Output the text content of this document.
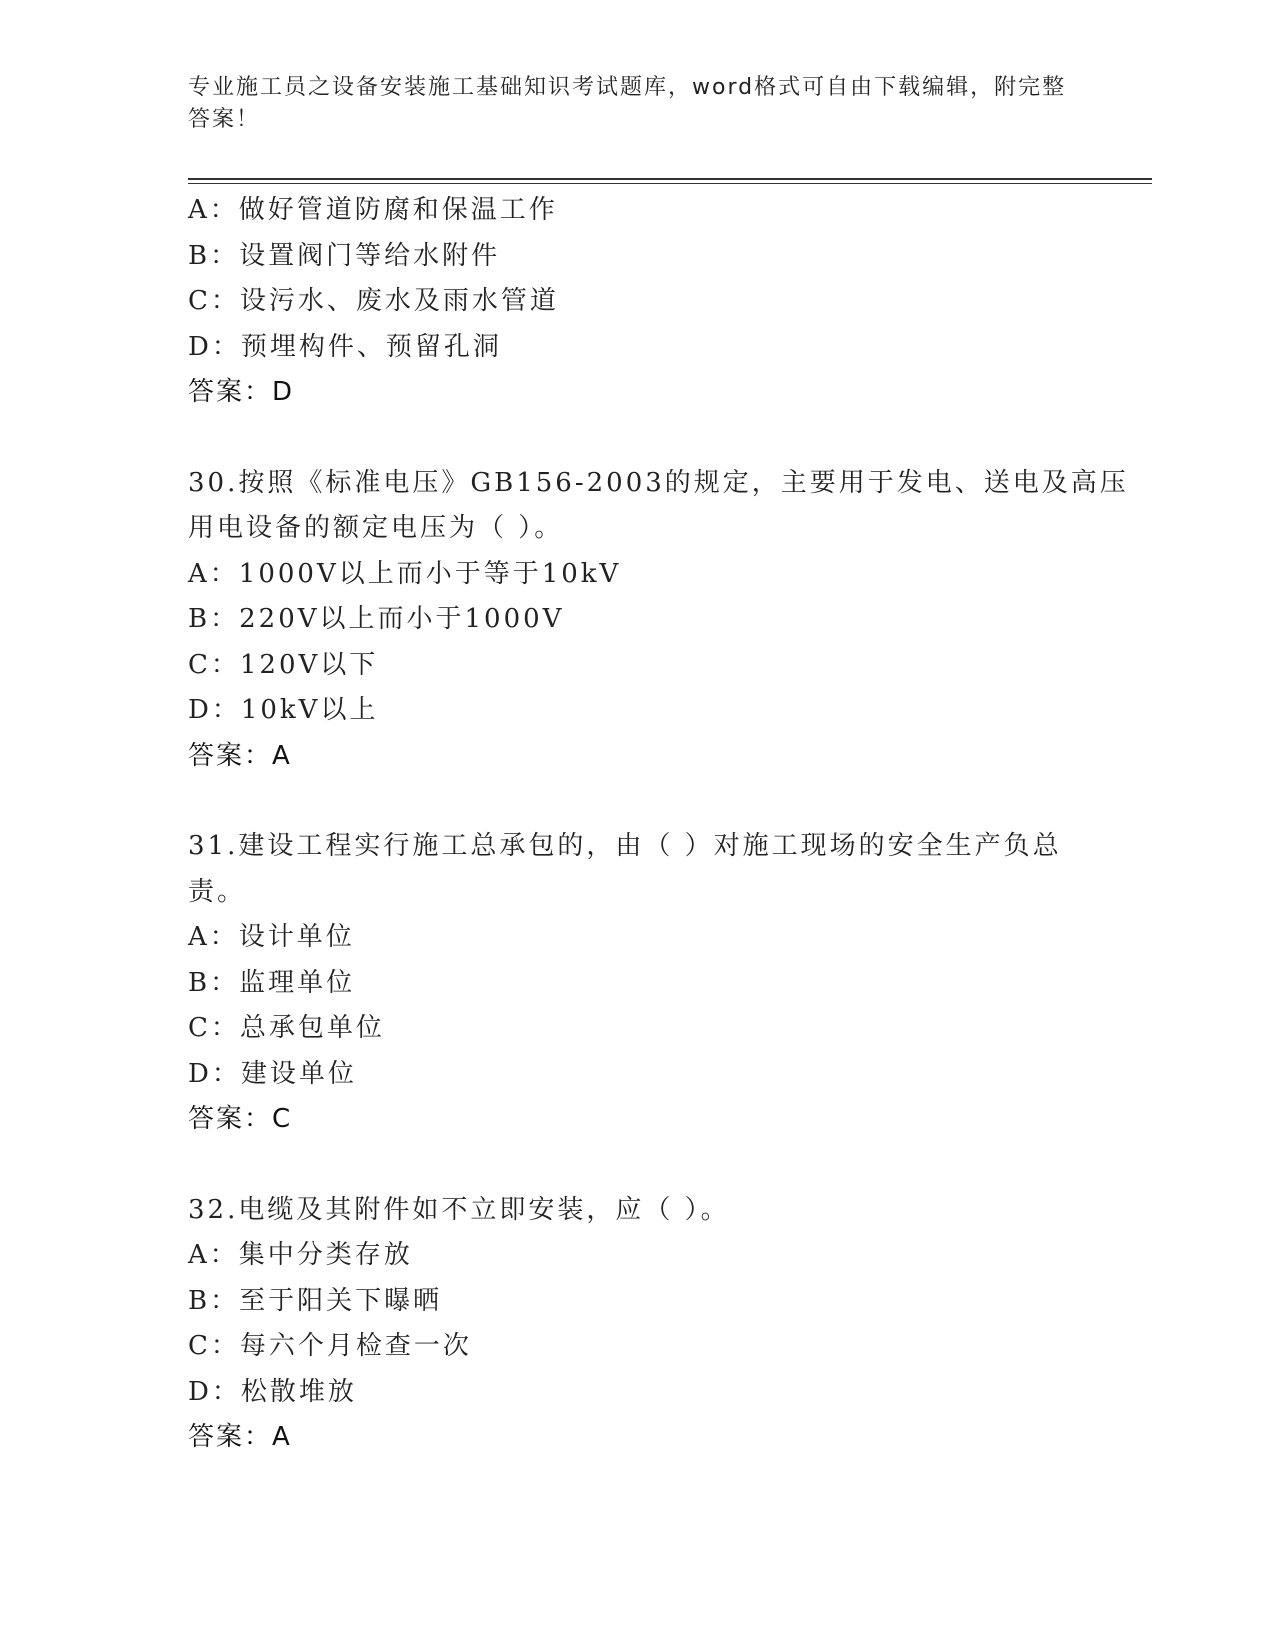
专业施工员之设备安装施工基础知识考试题库，word格式可自由下载编辑，附完整答案！
A：做好管道防腐和保温工作
B：设置阀门等给水附件
C：设污水、废水及雨水管道
D：预埋构件、预留孔洞
答案：D
30.按照《标准电压》GB156-2003的规定，主要用于发电、送电及高压
用电设备的额定电压为（ ）。
A：1000V以上而小于等于10kV
B：220V以上而小于1000V
C：120V以下
D：10kV以上
答案：A
31.建设工程实行施工总承包的，由（ ）对施工现场的安全生产负总
责。
A：设计单位
B：监理单位
C：总承包单位
D：建设单位
答案：C
32.电缆及其附件如不立即安装，应（ ）。
A：集中分类存放
B：至于阳关下曝晒
C：每六个月检查一次
D：松散堆放
答案：A
